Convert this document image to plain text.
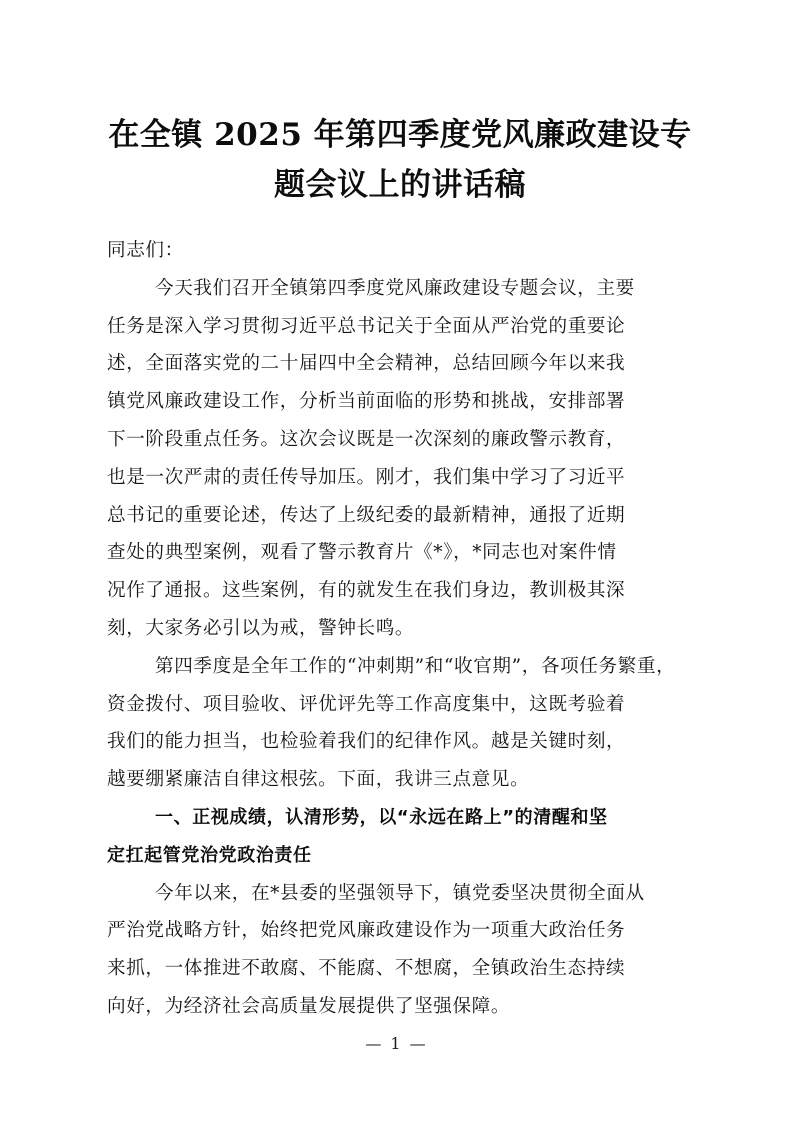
在全镇 2025 年第四季度党风廉政建设专
题会议上的讲话稿

同志们：

今天我们召开全镇第四季度党风廉政建设专题会议，主要
任务是深入学习贯彻习近平总书记关于全面从严治党的重要论
述，全面落实党的二十届四中全会精神，总结回顾今年以来我
镇党风廉政建设工作，分析当前面临的形势和挑战，安排部署
下一阶段重点任务。这次会议既是一次深刻的廉政警示教育，
也是一次严肃的责任传导加压。刚才，我们集中学习了习近平
总书记的重要论述，传达了上级纪委的最新精神，通报了近期
查处的典型案例，观看了警示教育片《*》，*同志也对案件情
况作了通报。这些案例，有的就发生在我们身边，教训极其深
刻，大家务必引以为戒，警钟长鸣。

第四季度是全年工作的“冲刺期”和“收官期”，各项任务繁重，
资金拨付、项目验收、评优评先等工作高度集中，这既考验着
我们的能力担当，也检验着我们的纪律作风。越是关键时刻，
越要绷紧廉洁自律这根弦。下面，我讲三点意见。

一、正视成绩，认清形势，以“永远在路上”的清醒和坚
定扛起管党治党政治责任

今年以来，在*县委的坚强领导下，镇党委坚决贯彻全面从
严治党战略方针，始终把党风廉政建设作为一项重大政治任务
来抓，一体推进不敢腐、不能腐、不想腐，全镇政治生态持续
向好，为经济社会高质量发展提供了坚强保障。

— 1 —
